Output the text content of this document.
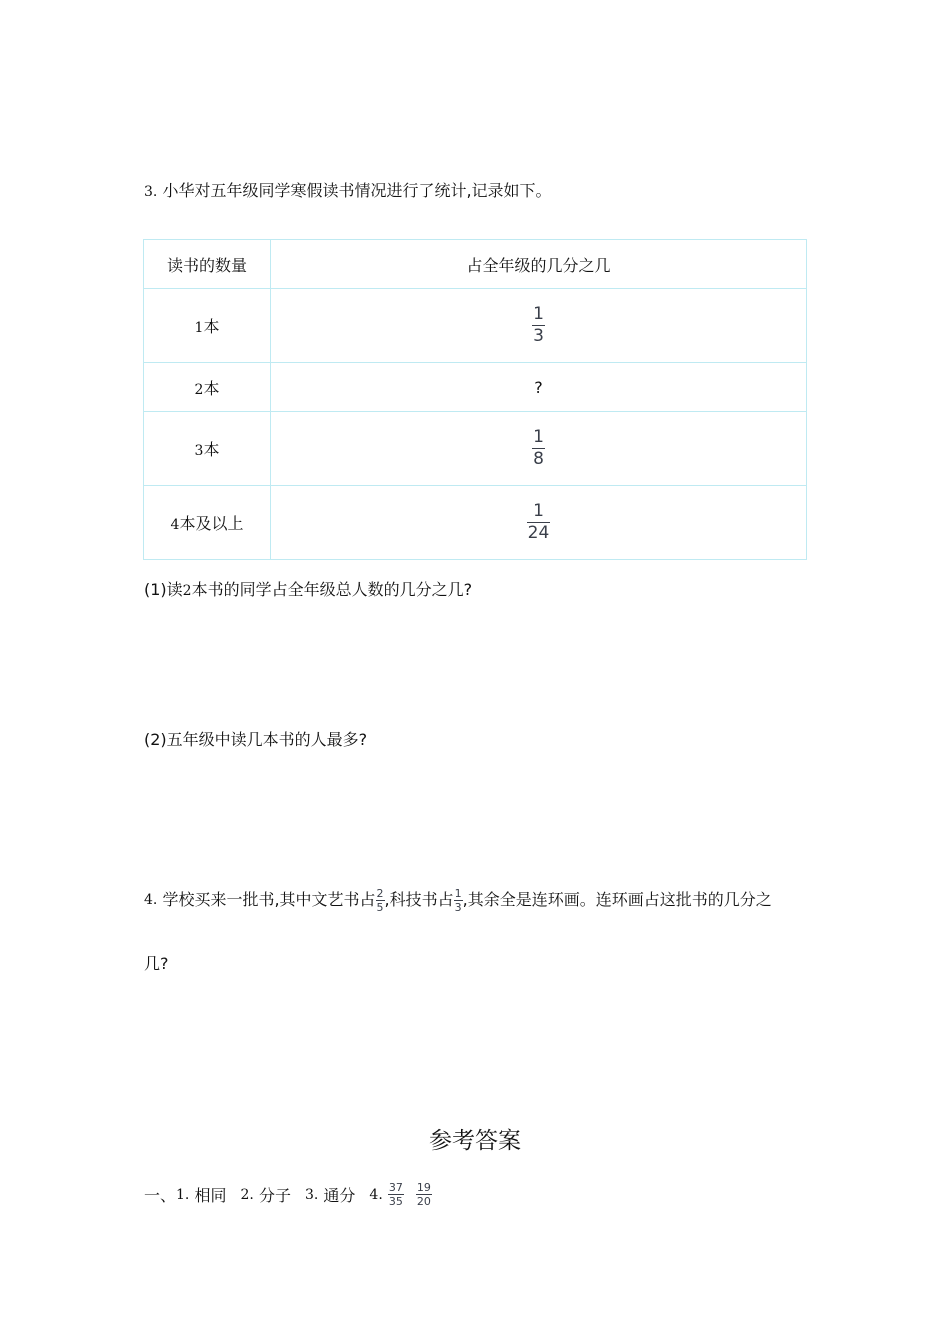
3. 小华对五年级同学寒假读书情况进行了统计,记录如下。
读书的数量	占全年级的几分之几
1本	$\frac{1}{3}$

2本	?
3本	$\frac{1}{8}$

4本及以上	$\frac{1}{24}$
(1)读2本书的同学占全年级总人数的几分之几?
(2)五年级中读几本书的人最多?
4.
学校买来一批书,其中文艺书占 $\frac{2}{5}$ ,科技书占 $\frac{1}{3}$ ,其余全是连环画。连环画占这批书的几分之
几?
参考答案
一、 1.
相同 2.
分子 3.
通分 4.
$\frac{37}{35} \frac{19}{20}$
